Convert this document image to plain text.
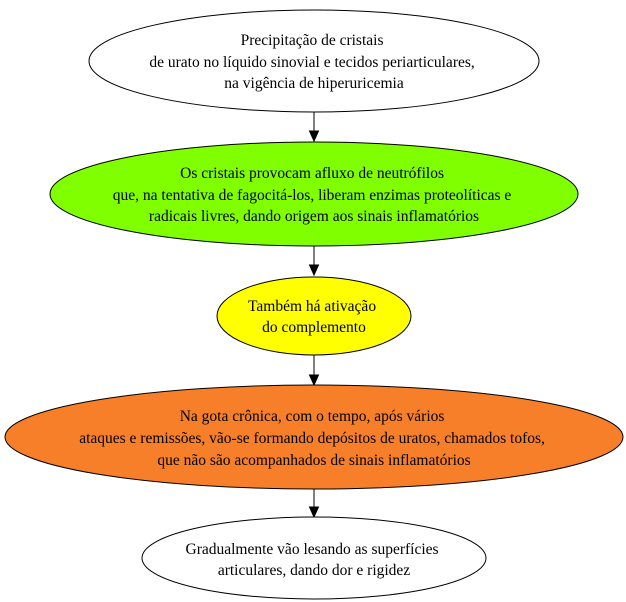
Precipitação de cristais de urato no líquido sinovial e tecidos periarticulares, na vigência de hiperuricemia
Os cristais provocam afluxo de neutrófilos que, na tentativa de fagocitá-los, liberam enzimas proteolíticas e radicais livres, dando origem aos sinais inflamatórios
Também há ativação do complemento
Na gota crônica, com o tempo, após vários ataques e remissões, vão-se formando depósitos de uratos, chamados tofos, que não são acompanhados de sinais inflamatórios
Gradualmente vão lesando as superfícies articulares, dando dor e rigidez
